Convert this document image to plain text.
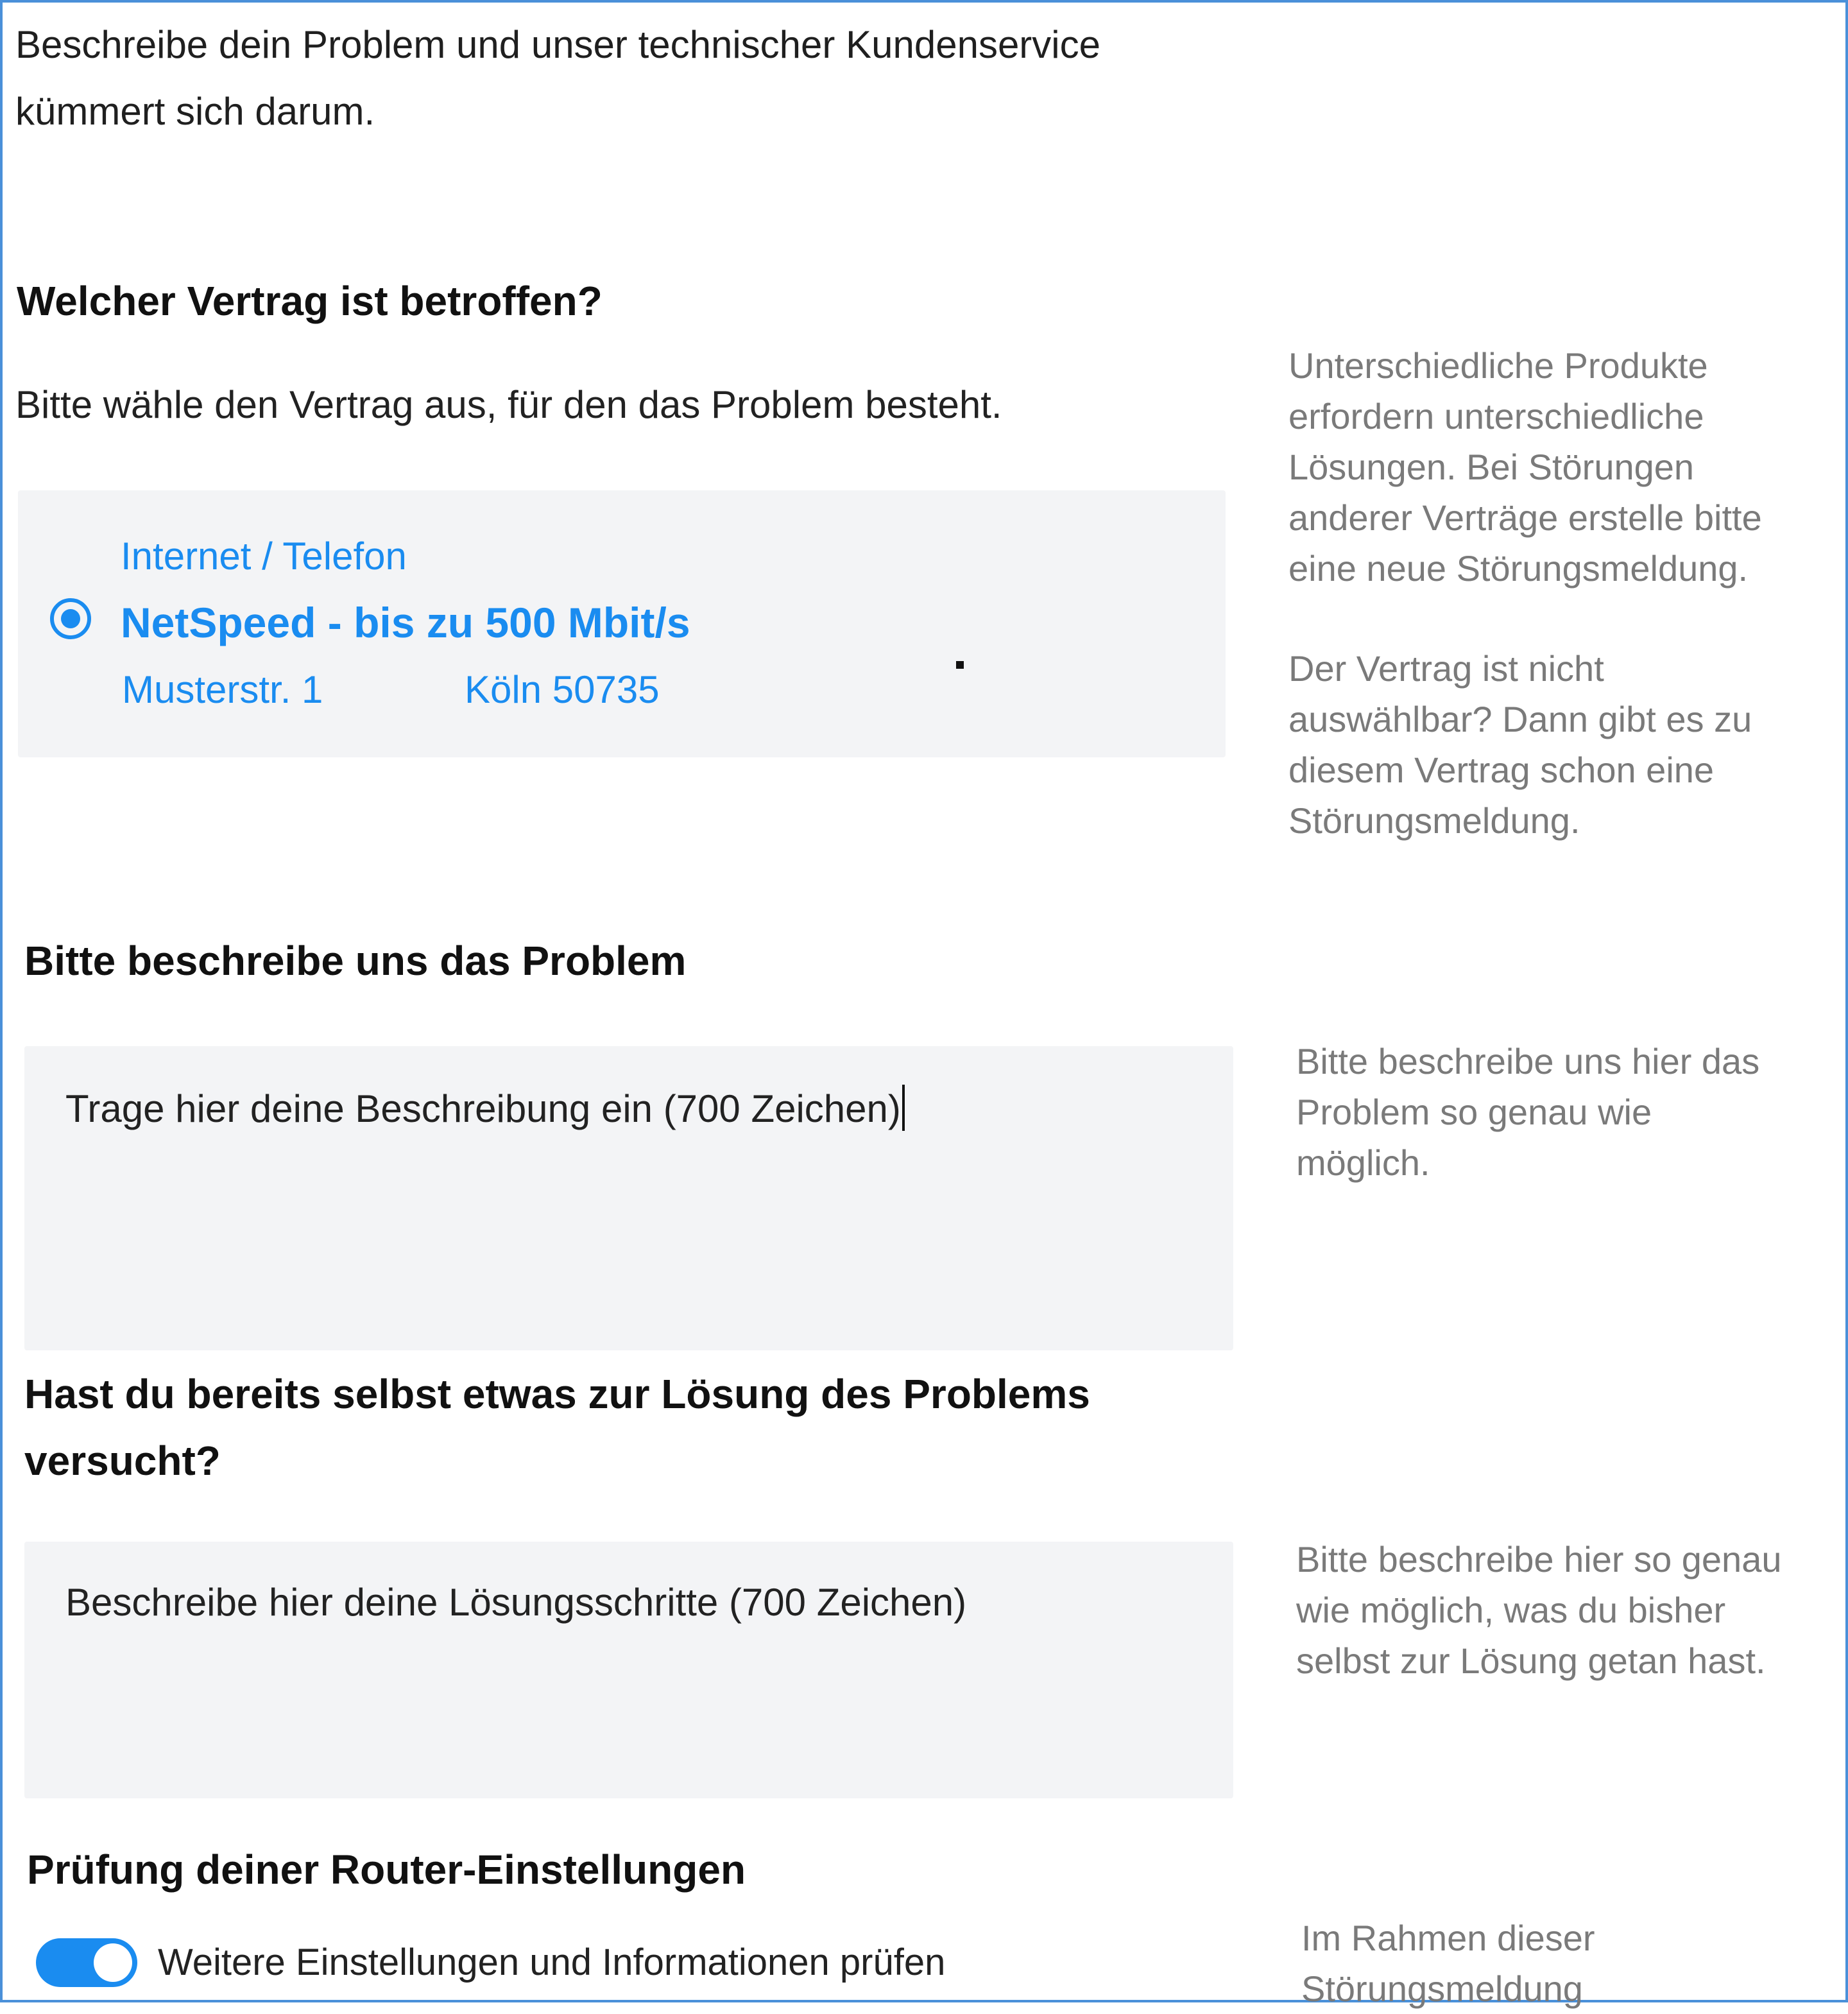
Beschreibe dein Problem und unser technischer Kundenservice
kümmert sich darum.
Welcher Vertrag ist betroffen?
Bitte wähle den Vertrag aus, für den das Problem besteht.
Unterschiedliche Produkte
erfordern unterschiedliche
Lösungen. Bei Störungen
anderer Verträge erstelle bitte
eine neue Störungsmeldung.
Der Vertrag ist nicht
auswählbar? Dann gibt es zu
diesem Vertrag schon eine
Störungsmeldung.
Internet / Telefon
NetSpeed - bis zu 500 Mbit/s
Musterstr. 1	Köln 50735
Bitte beschreibe uns das Problem
Trage hier deine Beschreibung ein (700 Zeichen)
Bitte beschreibe uns hier das
Problem so genau wie
möglich.
Hast du bereits selbst etwas zur Lösung des Problems
versucht?
Beschreibe hier deine Lösungsschritte (700 Zeichen)
Bitte beschreibe hier so genau
wie möglich, was du bisher
selbst zur Lösung getan hast.
Prüfung deiner Router-Einstellungen
Weitere Einstellungen und Informationen prüfen
Im Rahmen dieser
Störungsmeldung
